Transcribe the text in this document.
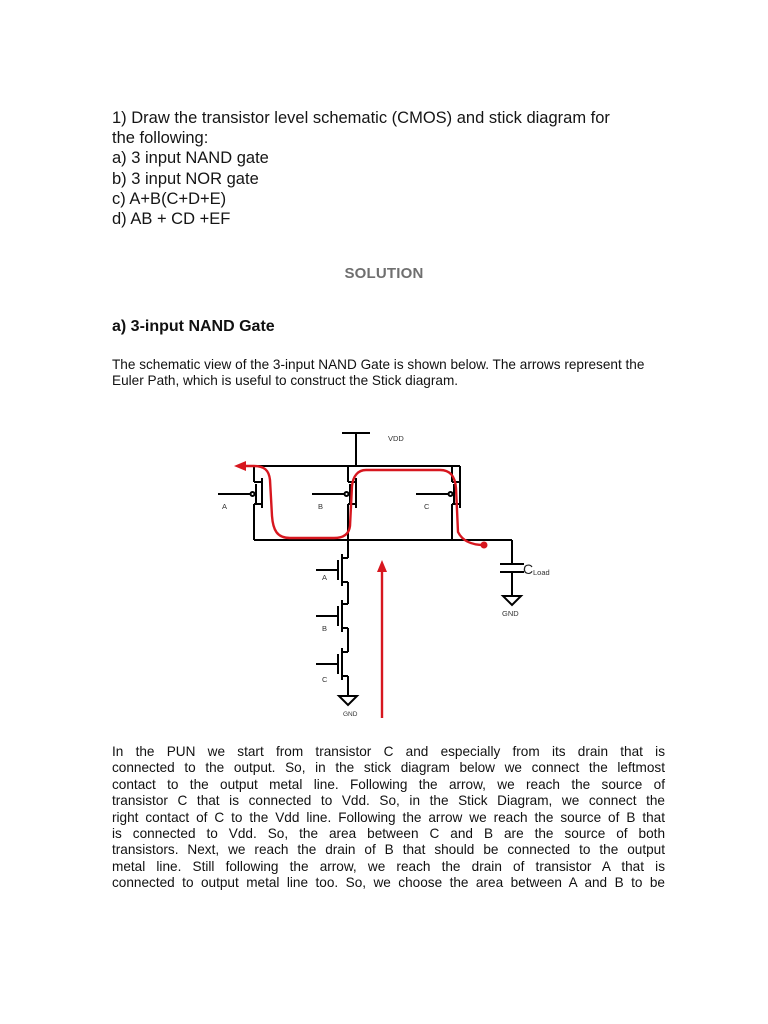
1) Draw the transistor level schematic (CMOS) and stick diagram for
the following:
a) 3 input NAND gate
b) 3 input NOR gate
c) A+B(C+D+E)
d) AB + CD +EF
SOLUTION
a) 3-input NAND Gate
The schematic view of the 3-input NAND Gate is shown below. The arrows represent the Euler Path, which is useful to construct the Stick diagram.
VDD
A	B	C
A
B
C
GND
GND
C Load
In the PUN we start from transistor C and especially from its drain that is
connected to the output. So, in the stick diagram below we connect the leftmost
contact to the output metal line. Following the arrow, we reach the source of
transistor C that is connected to Vdd. So, in the Stick Diagram, we connect the
right contact of C to the Vdd line. Following the arrow we reach the source of B that
is connected to Vdd. So, the area between C and B are the source of both
transistors. Next, we reach the drain of B that should be connected to the output
metal line. Still following the arrow, we reach the drain of transistor A that is
connected to output metal line too. So, we choose the area between A and B to be
